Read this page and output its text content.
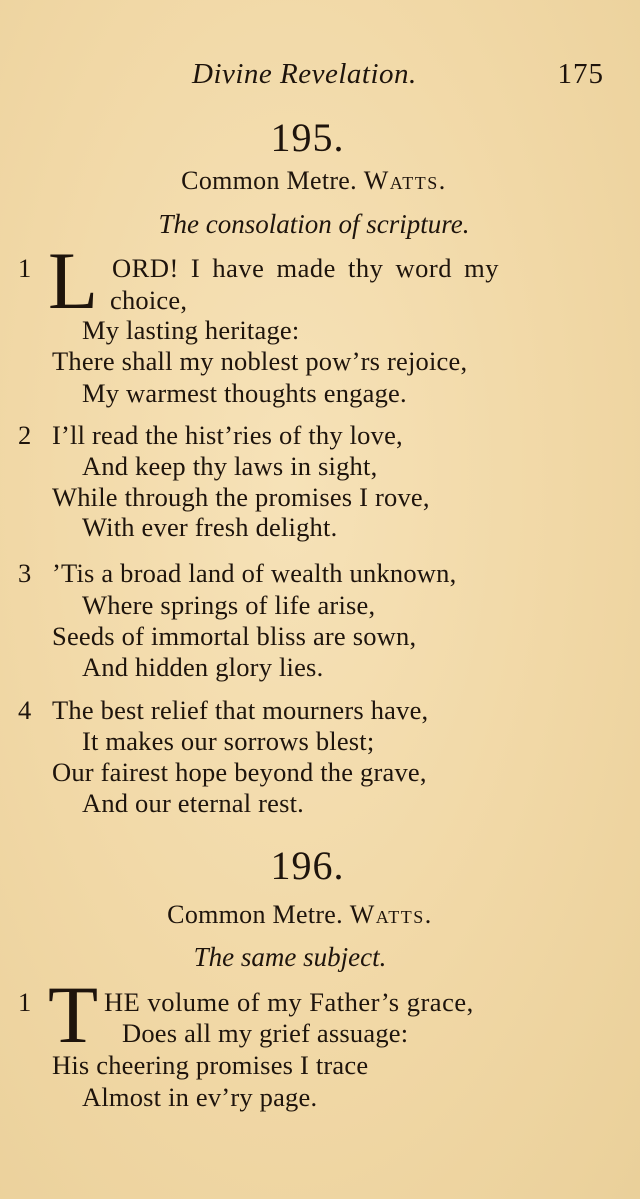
Divine Revelation.	175
195.
Common Metre. Watts.
The consolation of scripture.
1 L ORD! I have made thy word my
choice,
My lasting heritage:
There shall my noblest pow’rs rejoice,
My warmest thoughts engage.
2 I’ll read the hist’ries of thy love,
And keep thy laws in sight,
While through the promises I rove,
With ever fresh delight.
3 ’Tis a broad land of wealth unknown,
Where springs of life arise,
Seeds of immortal bliss are sown,
And hidden glory lies.
4 The best relief that mourners have,
It makes our sorrows blest;
Our fairest hope beyond the grave,
And our eternal rest.
196.
Common Metre. Watts.
The same subject.
1 T HE volume of my Father’s grace,
Does all my grief assuage:
His cheering promises I trace
Almost in ev’ry page.
